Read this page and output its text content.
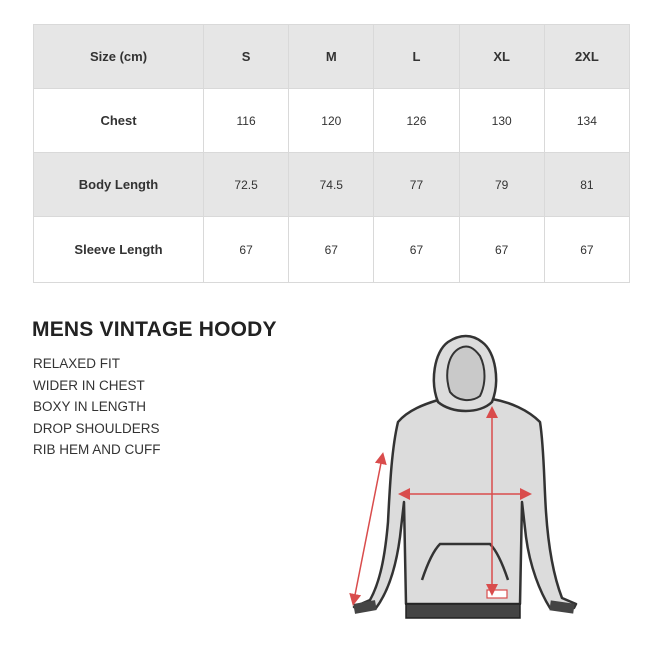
Size (cm)	S	M	L	XL	2XL
Chest	116	120	126	130	134
Body Length	72.5	74.5	77	79	81
Sleeve Length	67	67	67	67	67
MENS VINTAGE HOODY
RELAXED FIT
WIDER IN CHEST
BOXY IN LENGTH
DROP SHOULDERS
RIB HEM AND CUFF
